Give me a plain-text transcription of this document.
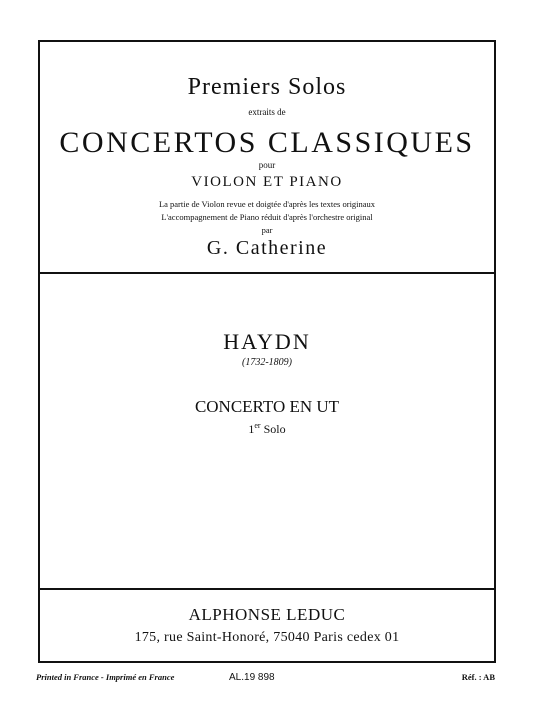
Premiers Solos
extraits de
CONCERTOS CLASSIQUES
pour
VIOLON ET PIANO
La partie de Violon revue et doigtée d'après les textes originaux
L'accompagnement de Piano réduit d'après l'orchestre original
par
G. Catherine
HAYDN
(1732-1809)
CONCERTO EN UT
1er Solo
ALPHONSE LEDUC
175, rue Saint-Honoré, 75040 Paris cedex 01
Printed in France - Imprimé en France	AL.19 898	Réf. : AB
